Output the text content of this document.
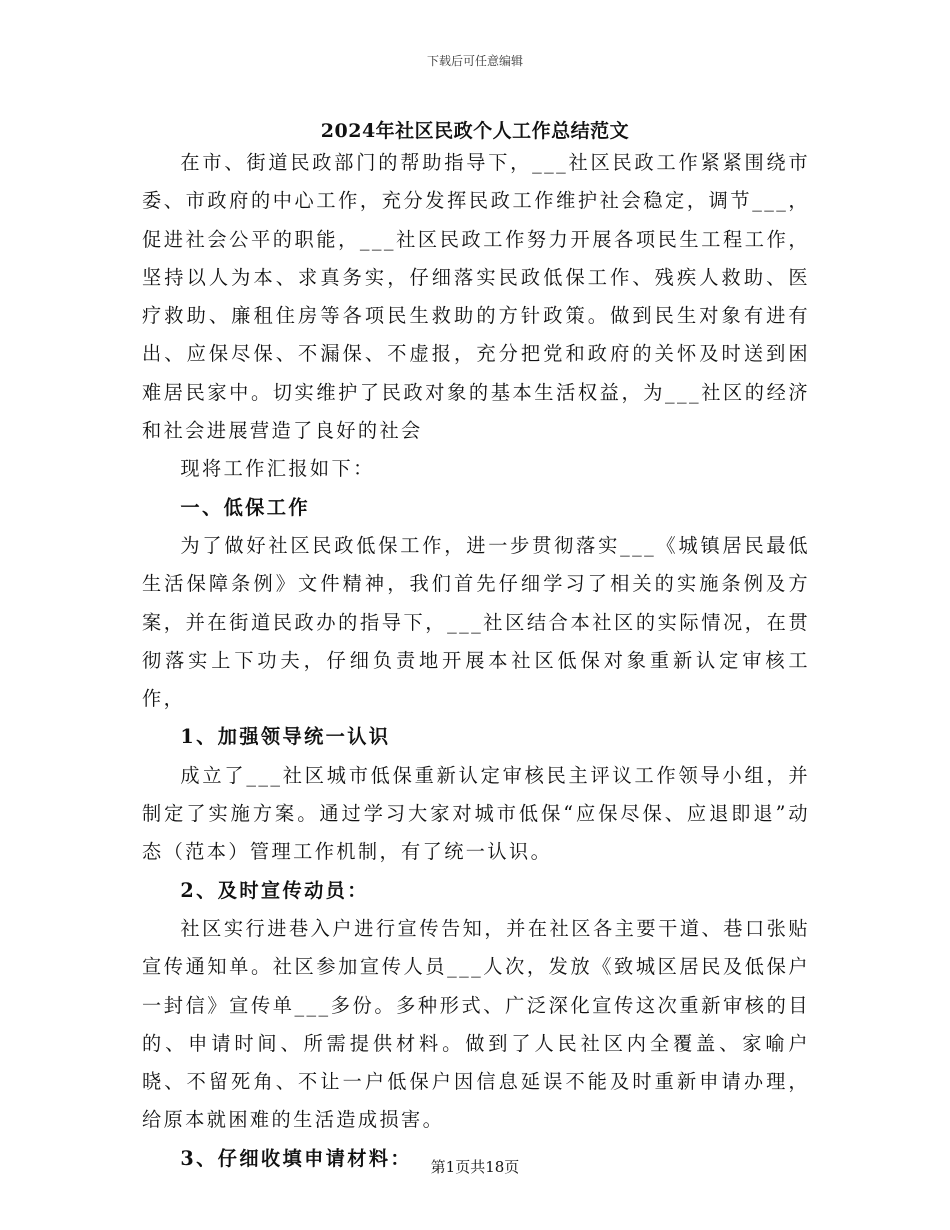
下载后可任意编辑
2024年社区民政个人工作总结范文

在市、街道民政部门的帮助指导下，___社区民政工作紧紧围绕市委、市政府的中心工作，充分发挥民政工作维护社会稳定，调节___，促进社会公平的职能，___社区民政工作努力开展各项民生工程工作，坚持以人为本、求真务实，仔细落实民政低保工作、残疾人救助、医疗救助、廉租住房等各项民生救助的方针政策。做到民生对象有进有出、应保尽保、不漏保、不虚报，充分把党和政府的关怀及时送到困难居民家中。切实维护了民政对象的基本生活权益，为___社区的经济和社会进展营造了良好的社会

现将工作汇报如下：

一、低保工作

为了做好社区民政低保工作，进一步贯彻落实___《城镇居民最低生活保障条例》文件精神，我们首先仔细学习了相关的实施条例及方案，并在街道民政办的指导下，___社区结合本社区的实际情况，在贯彻落实上下功夫，仔细负责地开展本社区低保对象重新认定审核工作，

1、加强领导统一认识

成立了___社区城市低保重新认定审核民主评议工作领导小组，并制定了实施方案。通过学习大家对城市低保“应保尽保、应退即退”动态（范本）管理工作机制，有了统一认识。

2、及时宣传动员：

社区实行进巷入户进行宣传告知，并在社区各主要干道、巷口张贴宣传通知单。社区参加宣传人员___人次，发放《致城区居民及低保户一封信》宣传单___多份。多种形式、广泛深化宣传这次重新审核的目的、申请时间、所需提供材料。做到了人民社区内全覆盖、家喻户晓、不留死角、不让一户低保户因信息延误不能及时重新申请办理，给原本就困难的生活造成损害。

3、仔细收填申请材料：	第1页共18页
